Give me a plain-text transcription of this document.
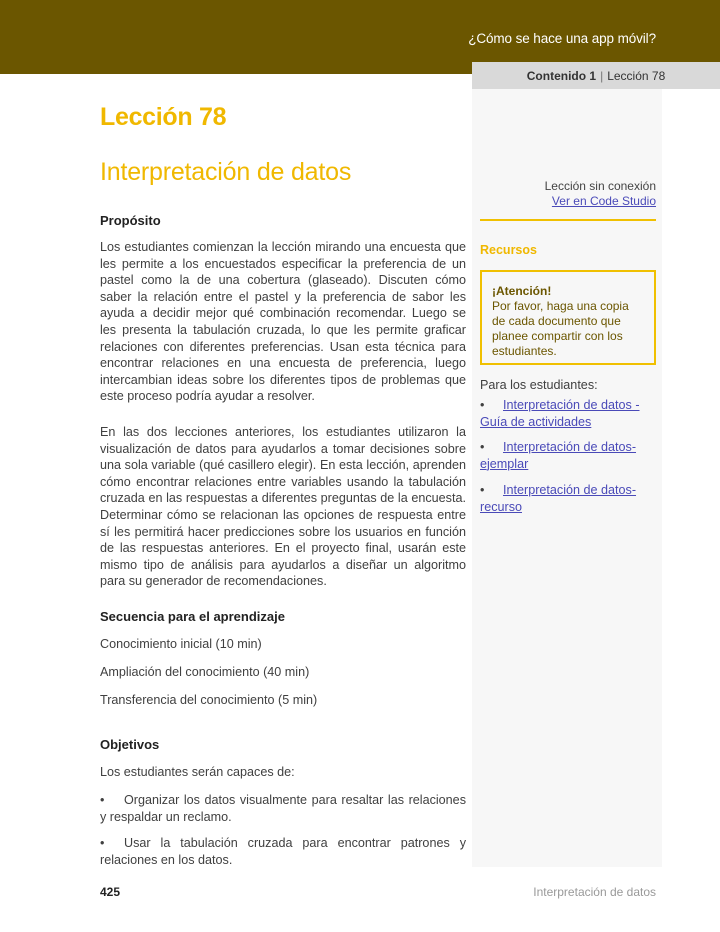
¿Cómo se hace una app móvil?
Contenido 1 | Lección 78
Lección 78
Interpretación de datos
Propósito

Los estudiantes comienzan la lección mirando una encuesta que les permite a los encuestados especificar la preferencia de un pastel como la de una cobertura (glaseado). Discuten cómo saber la relación entre el pastel y la preferencia de sabor les ayuda a decidir mejor qué combinación recomendar. Luego se les presenta la tabulación cruzada, lo que les permite graficar relaciones con diferentes preferencias. Usan esta técnica para encontrar relaciones en una encuesta de preferencia, luego intercambian ideas sobre los diferentes tipos de problemas que este proceso podría ayudar a resolver.

En las dos lecciones anteriores, los estudiantes utilizaron la visualización de datos para ayudarlos a tomar decisiones sobre una sola variable (qué casillero elegir). En esta lección, aprenden cómo encontrar relaciones entre variables usando la tabulación cruzada en las respuestas a diferentes preguntas de la encuesta. Determinar cómo se relacionan las opciones de respuesta entre sí les permitirá hacer predicciones sobre los usuarios en función de las respuestas anteriores. En el proyecto final, usarán este mismo tipo de análisis para ayudarlos a diseñar un algoritmo para su generador de recomendaciones.

Secuencia para el aprendizaje
Conocimiento inicial (10 min)
Ampliación del conocimiento (40 min)
Transferencia del conocimiento (5 min)
Objetivos
Los estudiantes serán capaces de:

• Organizar los datos visualmente para resaltar las relaciones y respaldar un reclamo.

• Usar la tabulación cruzada para encontrar patrones y relaciones en los datos.

Lección sin conexión
Ver en Code Studio
Recursos
¡Atención!
Por favor, haga una copia de cada documento que planee compartir con los estudiantes.
Para los estudiantes:
• Interpretación de datos - Guía de actividades
• Interpretación de datos- ejemplar
• Interpretación de datos- recurso
425	Interpretación de datos
